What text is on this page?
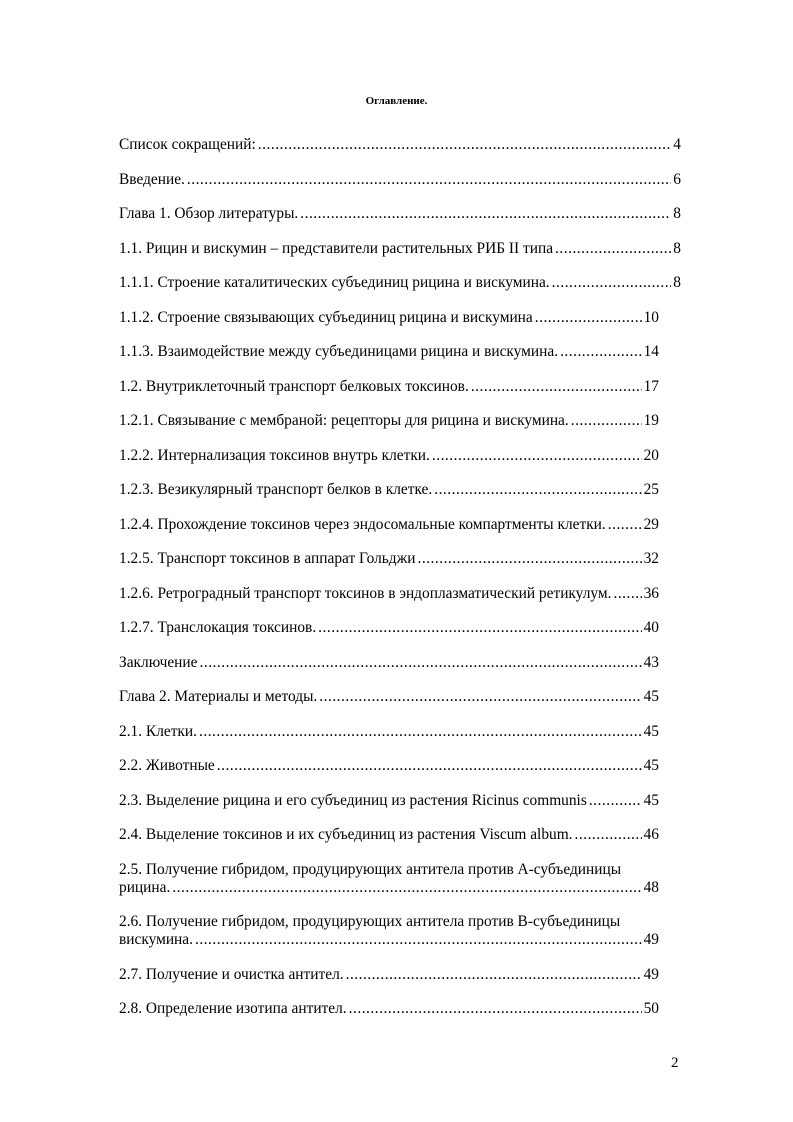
Оглавление.
Список сокращений: .....	4
Введение. .....	6
Глава 1. Обзор литературы. .....	8
1.1. Рицин и вискумин – представители растительных РИБ II типа .....	8
1.1.1. Строение каталитических субъединиц рицина и вискумина. .....	8
1.1.2. Строение связывающих субъединиц рицина и вискумина .....	10
1.1.3. Взаимодействие между субъединицами рицина и вискумина. .....	14
1.2. Внутриклеточный транспорт белковых токсинов. .....	17
1.2.1. Связывание с мембраной: рецепторы для рицина и вискумина. .....	19
1.2.2. Интернализация токсинов внутрь клетки. .....	20
1.2.3. Везикулярный транспорт белков в клетке. .....	25
1.2.4. Прохождение токсинов через эндосомальные компартменты клетки. ..... 29
1.2.5. Транспорт токсинов в аппарат Гольджи .....	32
1.2.6. Ретроградный транспорт токсинов в эндоплазматический ретикулум. ..... 36
1.2.7. Транслокация токсинов. .....	40
Заключение .....	43
Глава 2. Материалы и методы. .....	45
2.1. Клетки. .....	45
2.2. Животные .....	45
2.3. Выделение рицина и его субъединиц из растения Ricinus communis .....	45
2.4. Выделение токсинов и их субъединиц из растения Viscum album. .....	46
2.5. Получение гибридом, продуцирующих антитела против А-субъединицы
рицина. .....	48
2.6. Получение гибридом, продуцирующих антитела против В-субъединицы
вискумина. .....	49
2.7. Получение и очистка антител. .....	49
2.8. Определение изотипа антител. .....	50
2
